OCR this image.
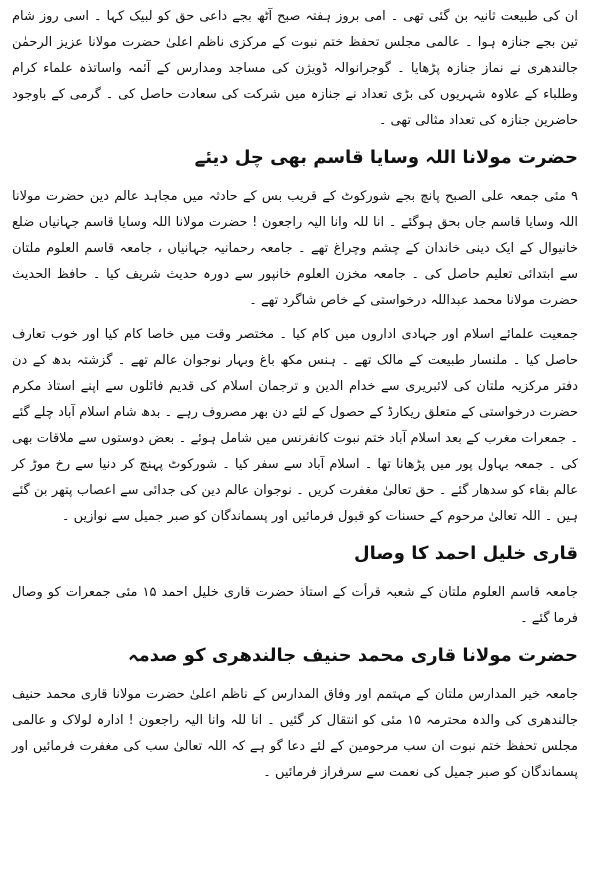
ان کی طبیعت ثانیہ بن گئی تھی ۔ امی بروز ہفتہ صبح آٹھ بجے داعی حق کو لبیک کہا ۔ اسی روز شام تین بجے جنازہ ہوا ۔ عالمی مجلس تحفظ ختم نبوت کے مرکزی ناظم اعلیٰ حضرت مولانا عزیز الرحمٰن جالندھری نے نماز جنازہ پڑھایا ۔ گوجرانوالہ ڈویژن کی مساجد ومدارس کے آئمہ واساتذہ علماء کرام وطلباء کے علاوہ شہریوں کی بڑی تعداد نے جنازہ میں شرکت کی سعادت حاصل کی ۔ گرمی کے باوجود حاضرین جنازہ کی تعداد مثالی تھی ۔

حضرت مولانا اللہ وسایا قاسم بھی چل دیئے

۹ مئی جمعہ علی الصبح پانچ بجے شورکوٹ کے قریب بس کے حادثہ میں مجاہد عالم دین حضرت مولانا اللہ وسایا قاسم جاں بحق ہوگئے ۔ انا للہ وانا الیہ راجعون ! حضرت مولانا اللہ وسایا قاسم جہانیاں ضلع خانیوال کے ایک دینی خاندان کے چشم وچراغ تھے ۔ جامعہ رحمانیہ جہانیاں ، جامعہ قاسم العلوم ملتان سے ابتدائی تعلیم حاصل کی ۔ جامعہ مخزن العلوم خانپور سے دورہ حدیث شریف کیا ۔ حافظ الحدیث حضرت مولانا محمد عبداللہ درخواستی کے خاص شاگرد تھے ۔

جمعیت علمائے اسلام اور جہادی اداروں میں کام کیا ۔ مختصر وقت میں خاصا کام کیا اور خوب تعارف حاصل کیا ۔ ملنسار طبیعت کے مالک تھے ۔ ہنس مکھ باغ وبہار نوجوان عالم تھے ۔ گزشتہ بدھ کے دن دفتر مرکزیہ ملتان کی لائبریری سے خدام الدین و ترجمان اسلام کی قدیم فائلوں سے اپنے استاذ مکرم حضرت درخواستی کے متعلق ریکارڈ کے حصول کے لئے دن بھر مصروف رہے ۔ بدھ شام اسلام آباد چلے گئے ۔ جمعرات مغرب کے بعد اسلام آباد ختم نبوت کانفرنس میں شامل ہوئے ۔ بعض دوستوں سے ملاقات بھی کی ۔ جمعہ بہاول پور میں پڑھانا تھا ۔ اسلام آباد سے سفر کیا ۔ شورکوٹ پہنچ کر دنیا سے رخ موڑ کر عالم بقاء کو سدھار گئے ۔ حق تعالیٰ مغفرت کریں ۔ نوجوان عالم دین کی جدائی سے اعصاب پتھر بن گئے ہیں ۔ اللہ تعالیٰ مرحوم کے حسنات کو قبول فرمائیں اور پسماندگان کو صبر جمیل سے نوازیں ۔

قاری خلیل احمد کا وصال

جامعہ قاسم العلوم ملتان کے شعبہ قرأت کے استاذ حضرت قاری خلیل احمد ۱۵ مئی جمعرات کو وصال فرما گئے ۔

حضرت مولانا قاری محمد حنیف جالندھری کو صدمہ

جامعہ خیر المدارس ملتان کے مہتمم اور وفاق المدارس کے ناظم اعلیٰ حضرت مولانا قاری محمد حنیف جالندھری کی والدہ محترمہ ۱۵ مئی کو انتقال کر گئیں ۔ انا للہ وانا الیہ راجعون ! ادارہ لولاک و عالمی مجلس تحفظ ختم نبوت ان سب مرحومین کے لئے دعا گو ہے کہ اللہ تعالیٰ سب کی مغفرت فرمائیں اور پسماندگان کو صبر جمیل کی نعمت سے سرفراز فرمائیں ۔
